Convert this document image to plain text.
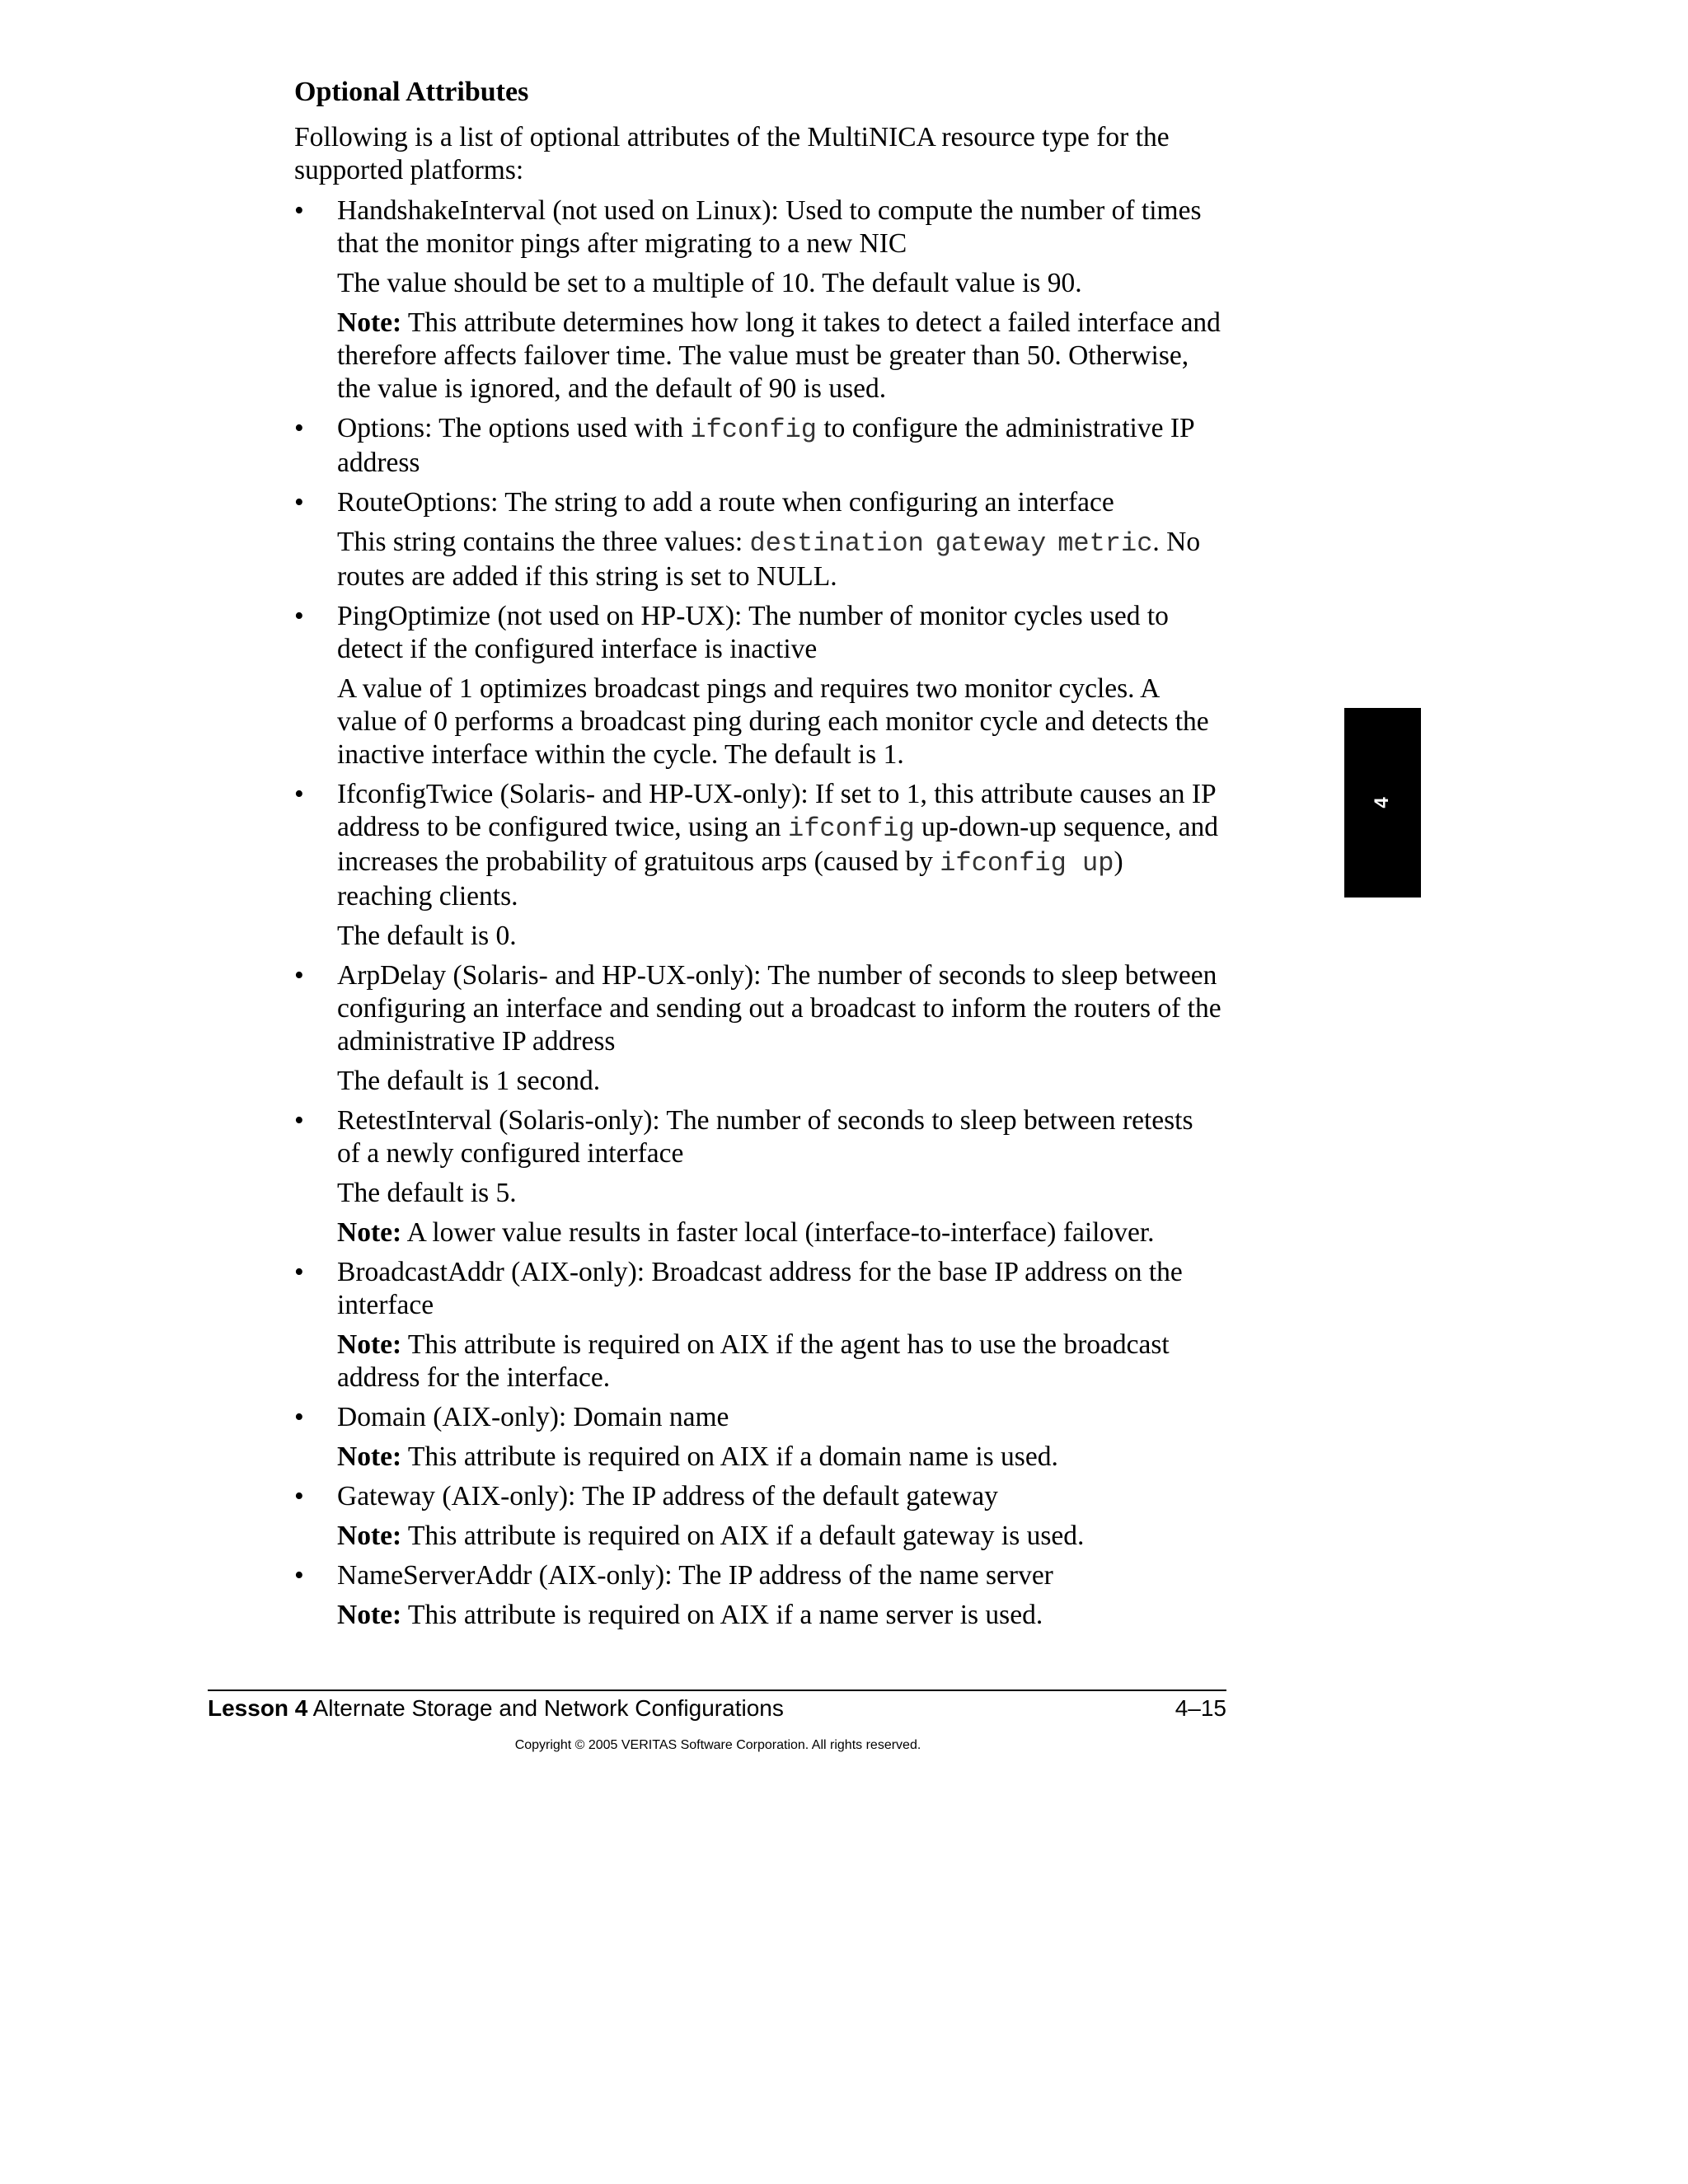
Optional Attributes
Following is a list of optional attributes of the MultiNICA resource type for the supported platforms:
• HandshakeInterval (not used on Linux): Used to compute the number of times that the monitor pings after migrating to a new NIC
The value should be set to a multiple of 10. The default value is 90.
Note: This attribute determines how long it takes to detect a failed interface and therefore affects failover time. The value must be greater than 50. Otherwise, the value is ignored, and the default of 90 is used.
• Options: The options used with ifconfig to configure the administrative IP address
• RouteOptions: The string to add a route when configuring an interface
This string contains the three values: destination gateway metric. No routes are added if this string is set to NULL.
• PingOptimize (not used on HP-UX): The number of monitor cycles used to detect if the configured interface is inactive
A value of 1 optimizes broadcast pings and requires two monitor cycles. A value of 0 performs a broadcast ping during each monitor cycle and detects the inactive interface within the cycle. The default is 1.
• IfconfigTwice (Solaris- and HP-UX-only): If set to 1, this attribute causes an IP address to be configured twice, using an ifconfig up-down-up sequence, and increases the probability of gratuitous arps (caused by ifconfig up) reaching clients.
The default is 0.
• ArpDelay (Solaris- and HP-UX-only): The number of seconds to sleep between configuring an interface and sending out a broadcast to inform the routers of the administrative IP address
The default is 1 second.
• RetestInterval (Solaris-only): The number of seconds to sleep between retests of a newly configured interface
The default is 5.
Note: A lower value results in faster local (interface-to-interface) failover.
• BroadcastAddr (AIX-only): Broadcast address for the base IP address on the interface
Note: This attribute is required on AIX if the agent has to use the broadcast address for the interface.
• Domain (AIX-only): Domain name
Note: This attribute is required on AIX if a domain name is used.
• Gateway (AIX-only): The IP address of the default gateway
Note: This attribute is required on AIX if a default gateway is used.
• NameServerAddr (AIX-only): The IP address of the name server
Note: This attribute is required on AIX if a name server is used.
4
Lesson 4 Alternate Storage and Network Configurations	4–15
Copyright © 2005 VERITAS Software Corporation. All rights reserved.
